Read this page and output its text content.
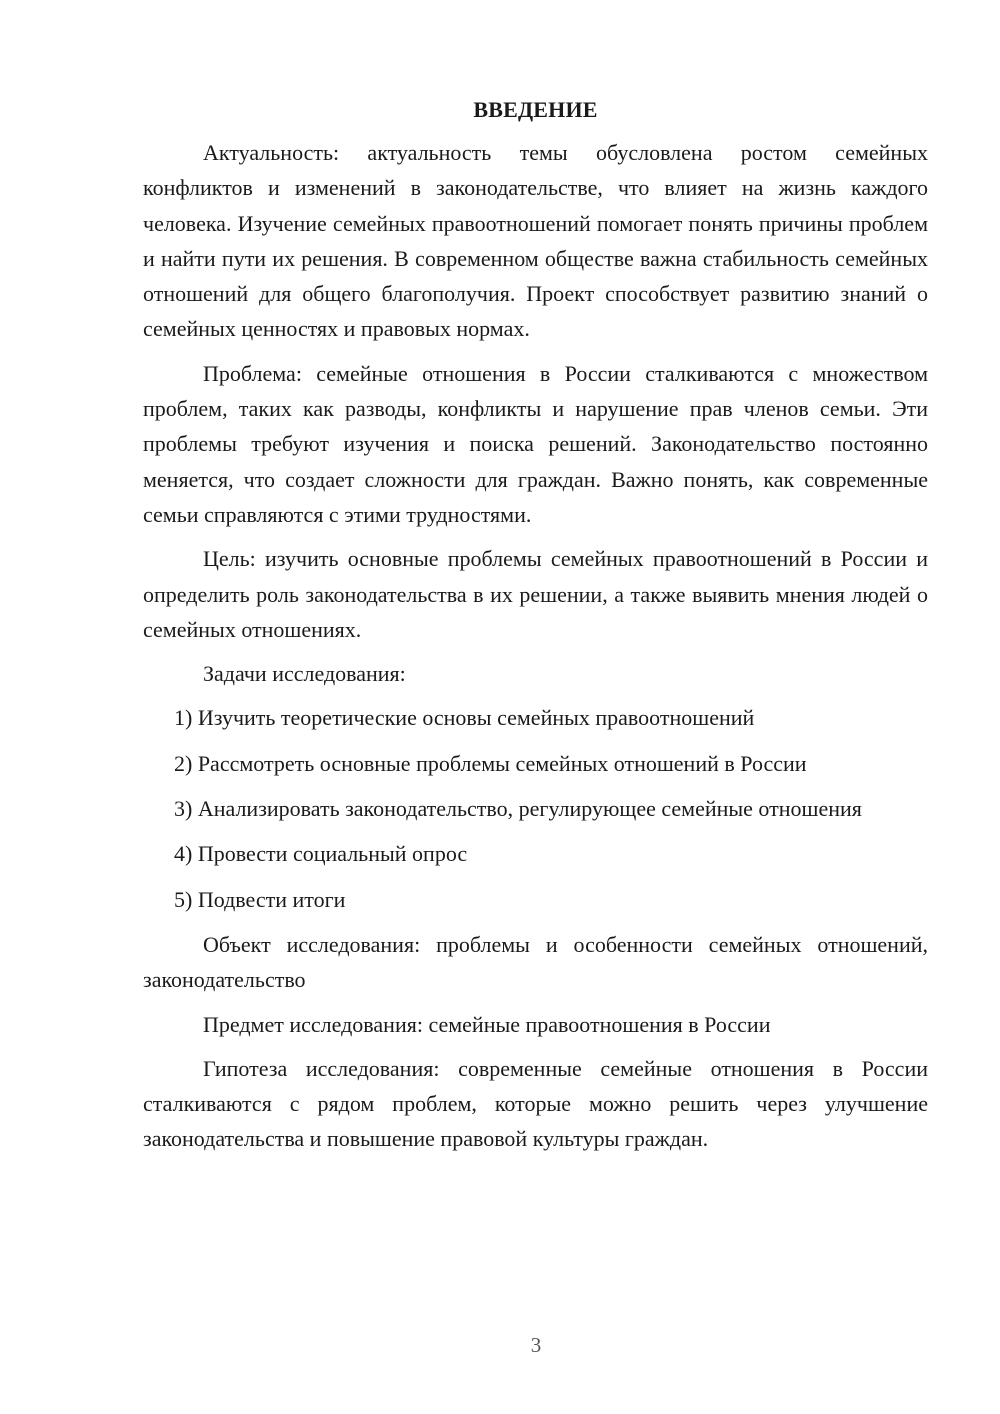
ВВЕДЕНИЕ

Актуальность: актуальность темы обусловлена ростом семейных конфликтов и изменений в законодательстве, что влияет на жизнь каждого человека. Изучение семейных правоотношений помогает понять причины проблем и найти пути их решения. В современном обществе важна стабильность семейных отношений для общего благополучия. Проект способствует развитию знаний о семейных ценностях и правовых нормах.

Проблема: семейные отношения в России сталкиваются с множеством проблем, таких как разводы, конфликты и нарушение прав членов семьи. Эти проблемы требуют изучения и поиска решений. Законодательство постоянно меняется, что создает сложности для граждан. Важно понять, как современные семьи справляются с этими трудностями.

Цель: изучить основные проблемы семейных правоотношений в России и определить роль законодательства в их решении, а также выявить мнения людей о семейных отношениях.

Задачи исследования:

1) Изучить теоретические основы семейных правоотношений

2) Рассмотреть основные проблемы семейных отношений в России

3) Анализировать законодательство, регулирующее семейные отношения

4) Провести социальный опрос

5) Подвести итоги

Объект исследования: проблемы и особенности семейных отношений, законодательство

Предмет исследования: семейные правоотношения в России

Гипотеза исследования: современные семейные отношения в России сталкиваются с рядом проблем, которые можно решить через улучшение законодательства и повышение правовой культуры граждан.

3
